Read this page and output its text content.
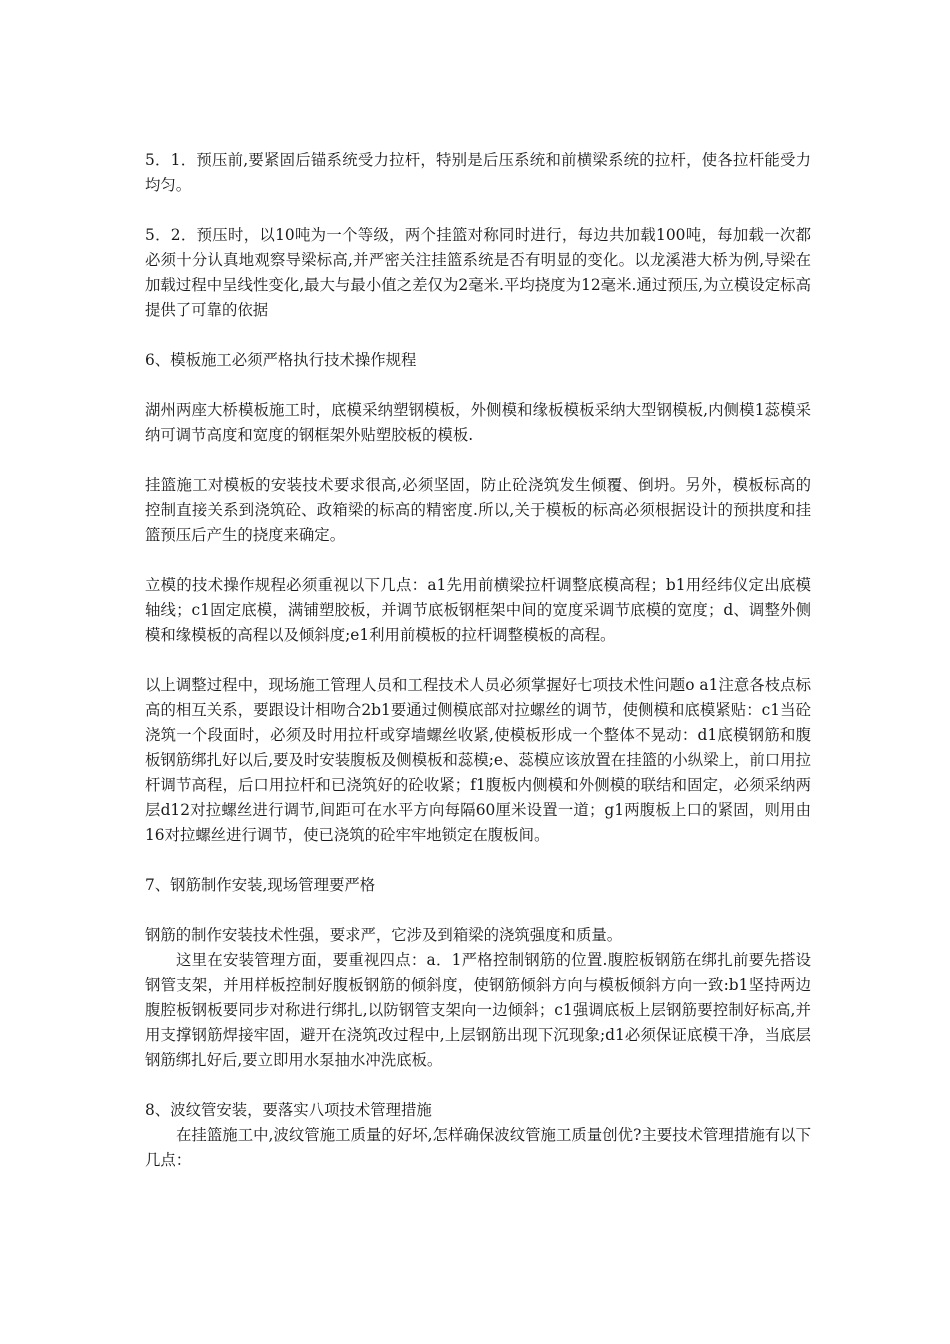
5．1．预压前,要紧固后锚系统受力拉杆，特别是后压系统和前横梁系统的拉杆，使各拉杆能受力均匀。

5．2．预压时，以10吨为一个等级，两个挂篮对称同时进行，每边共加载100吨，每加载一次都必须十分认真地观察导梁标高,并严密关注挂篮系统是否有明显的变化。以龙溪港大桥为例,导梁在加载过程中呈线性变化,最大与最小值之差仅为2毫米.平均挠度为12毫米.通过预压,为立模设定标高提供了可靠的依据

6、模板施工必须严格执行技术操作规程

湖州两座大桥模板施工时，底模采纳塑钢模板，外侧模和缘板模板采纳大型钢模板,内侧模1蕊模采纳可调节高度和宽度的钢框架外贴塑胶板的模板.

挂篮施工对模板的安装技术要求很高,必须坚固，防止砼浇筑发生倾覆、倒坍。另外，模板标高的控制直接关系到浇筑砼、政箱梁的标高的精密度.所以,关于模板的标高必须根据设计的预拱度和挂篮预压后产生的挠度来确定。

立模的技术操作规程必须重视以下几点：a1先用前横梁拉杆调整底模高程；b1用经纬仪定出底模轴线；c1固定底模，满铺塑胶板，并调节底板钢框架中间的宽度采调节底模的宽度；d、调整外侧模和缘模板的高程以及倾斜度;e1利用前模板的拉杆调整模板的高程。

以上调整过程中，现场施工管理人员和工程技术人员必须掌握好七项技术性问题o a1注意各枝点标高的相互关系，要跟设计相吻合2b1要通过侧模底部对拉螺丝的调节，使侧模和底模紧贴：c1当砼浇筑一个段面时，必须及时用拉杆或穿墙螺丝收紧,使模板形成一个整体不晃动：d1底模钢筋和腹板钢筋绑扎好以后,要及时安装腹板及侧模板和蕊模;e、蕊模应该放置在挂篮的小纵梁上，前口用拉杆调节高程，后口用拉杆和已浇筑好的砼收紧；f1腹板内侧模和外侧模的联结和固定，必须采纳两层d12对拉螺丝进行调节,间距可在水平方向每隔60厘米设置一道；g1两腹板上口的紧固，则用由16对拉螺丝进行调节，使已浇筑的砼牢牢地锁定在腹板间。

7、钢筋制作安装,现场管理要严格

钢筋的制作安装技术性强，要求严，它涉及到箱梁的浇筑强度和质量。

这里在安装管理方面，要重视四点：a．1严格控制钢筋的位置.腹腔板钢筋在绑扎前要先搭设钢管支架，并用样板控制好腹板钢筋的倾斜度，使钢筋倾斜方向与模板倾斜方向一致:b1坚持两边腹腔板钢板要同步对称进行绑扎,以防钢管支架向一边倾斜；c1强调底板上层钢筋要控制好标高,并用支撑钢筋焊接牢固，避开在浇筑改过程中,上层钢筋出现下沉现象;d1必须保证底模干净，当底层钢筋绑扎好后,要立即用水泵抽水冲洗底板。

8、波纹管安装，要落实八项技术管理措施

在挂篮施工中,波纹管施工质量的好坏,怎样确保波纹管施工质量创优?主要技术管理措施有以下几点：
